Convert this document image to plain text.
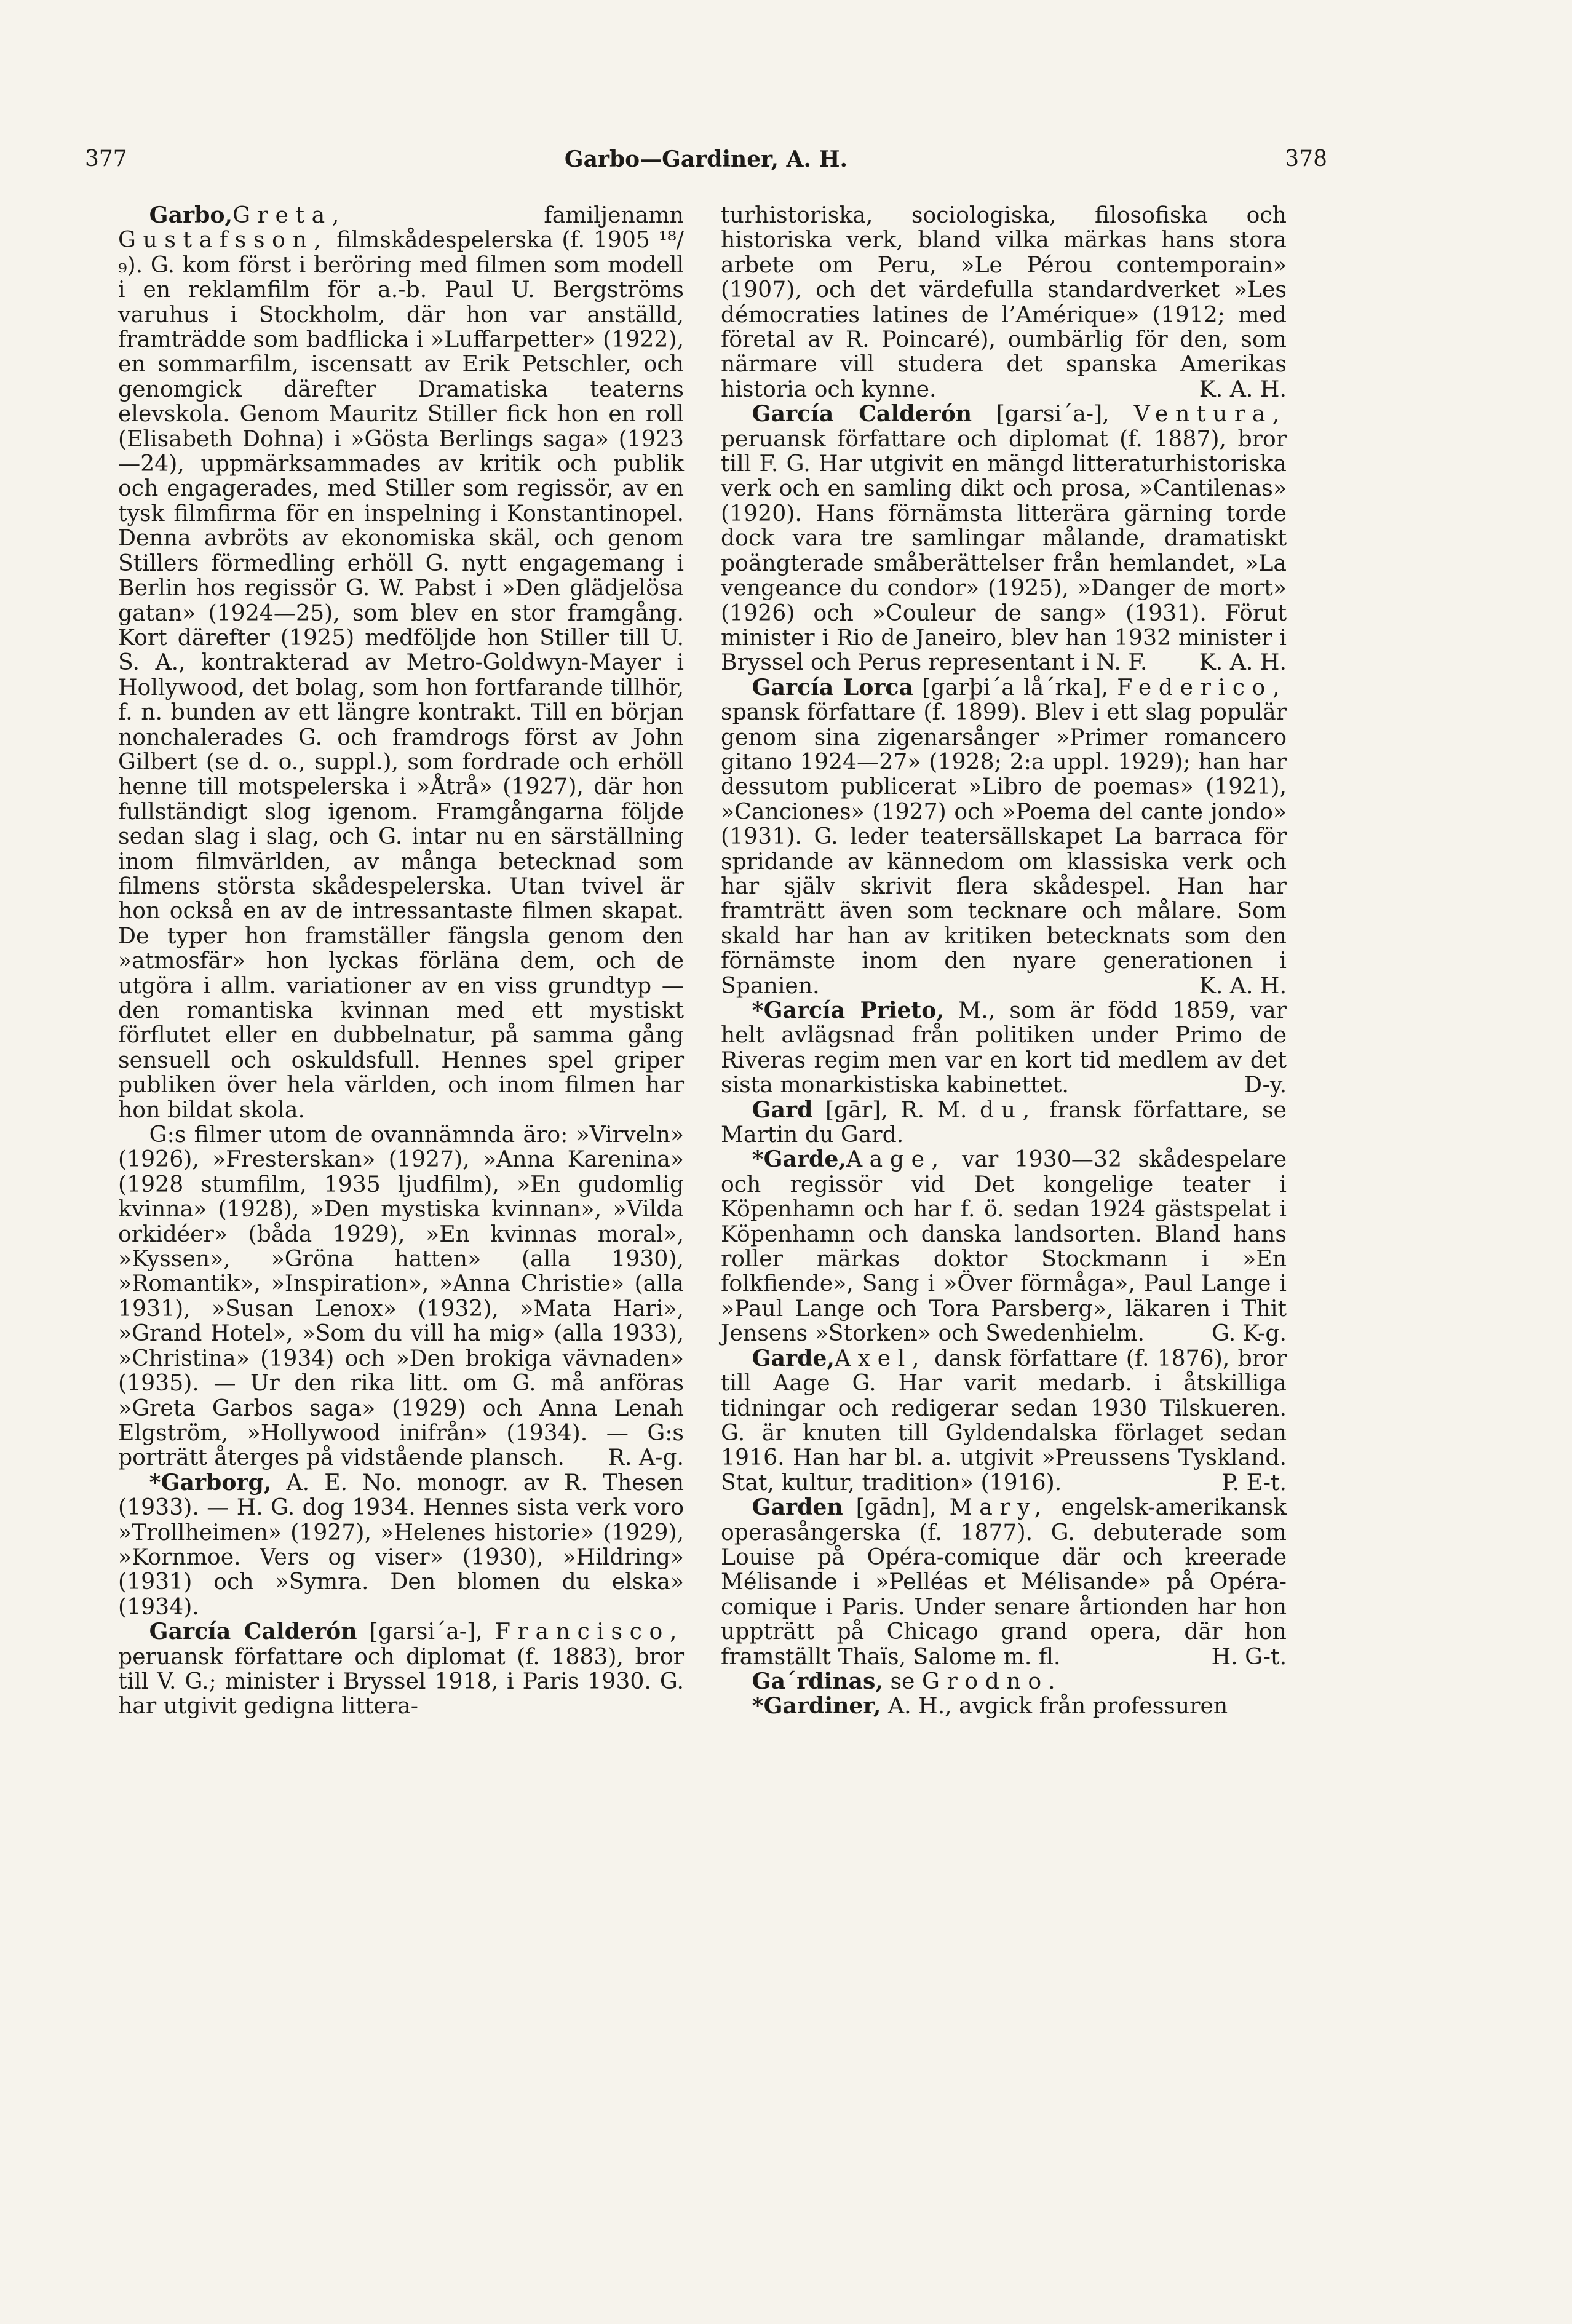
377	Garbo—Gardiner, A. H.	378

Garbo,Greta, familjenamn Gustafsson, filmskådespelerska (f. 1905 ¹⁸/₉). G. kom först i beröring med filmen som modell i en reklamfilm för a.-b. Paul U. Bergströms varuhus i Stockholm, där hon var anställd, framträdde som badflicka i »Luffarpetter» (1922), en sommarfilm, iscensatt av Erik Petschler, och genomgick därefter Dramatiska teaterns elevskola. Genom Mauritz Stiller fick hon en roll (Elisabeth Dohna) i »Gösta Berlings saga» (1923—24), uppmärksammades av kritik och publik och engagerades, med Stiller som regissör, av en tysk filmfirma för en inspelning i Konstantinopel. Denna avbröts av ekonomiska skäl, och genom Stillers förmedling erhöll G. nytt engagemang i Berlin hos regissör G. W. Pabst i »Den glädjelösa gatan» (1924—25), som blev en stor framgång. Kort därefter (1925) medföljde hon Stiller till U. S. A., kontrakterad av Metro-Goldwyn-Mayer i Hollywood, det bolag, som hon fortfarande tillhör, f. n. bunden av ett längre kontrakt. Till en början nonchalerades G. och framdrogs först av John Gilbert (se d. o., suppl.), som fordrade och erhöll henne till motspelerska i »Åtrå» (1927), där hon fullständigt slog igenom. Framgångarna följde sedan slag i slag, och G. intar nu en särställning inom filmvärlden, av många betecknad som filmens största skådespelerska. Utan tvivel är hon också en av de intressantaste filmen skapat. De typer hon framställer fängsla genom den »atmosfär» hon lyckas förläna dem, och de utgöra i allm. variationer av en viss grundtyp — den romantiska kvinnan med ett mystiskt förflutet eller en dubbelnatur, på samma gång sensuell och oskuldsfull. Hennes spel griper publiken över hela världen, och inom filmen har hon bildat skola.

G:s filmer utom de ovannämnda äro: »Virveln» (1926), »Fresterskan» (1927), »Anna Karenina» (1928 stumfilm, 1935 ljudfilm), »En gudomlig kvinna» (1928), »Den mystiska kvinnan», »Vilda orkidéer» (båda 1929), »En kvinnas moral», »Kyssen», »Gröna hatten» (alla 1930), »Romantik», »Inspiration», »Anna Christie» (alla 1931), »Susan Lenox» (1932), »Mata Hari», »Grand Hotel», »Som du vill ha mig» (alla 1933), »Christina» (1934) och »Den brokiga vävnaden» (1935). — Ur den rika litt. om G. må anföras »Greta Garbos saga» (1929) och Anna Lenah Elgström, »Hollywood inifrån» (1934). — G:s porträtt återges på vidstående plansch.	R. A-g.

*Garborg, A. E. No. monogr. av R. Thesen (1933). — H. G. dog 1934. Hennes sista verk voro »Trollheimen» (1927), »Helenes historie» (1929), »Kornmoe. Vers og viser» (1930), »Hildring» (1931) och »Symra. Den blomen du elska» (1934).

García Calderón [garsi´a-], Francisco, peruansk författare och diplomat (f. 1883), bror till V. G.; minister i Bryssel 1918, i Paris 1930. G. har utgivit gedigna littera-

turhistoriska, sociologiska, filosofiska och historiska verk, bland vilka märkas hans stora arbete om Peru, »Le Pérou contemporain» (1907), och det värdefulla standardverket »Les démocraties latines de l’Amérique» (1912; med företal av R. Poincaré), oumbärlig för den, som närmare vill studera det spanska Amerikas historia och kynne.	K. A. H.

García Calderón [garsi´a-], Ventura, peruansk författare och diplomat (f. 1887), bror till F. G. Har utgivit en mängd litteraturhistoriska verk och en samling dikt och prosa, »Cantilenas» (1920). Hans förnämsta litterära gärning torde dock vara tre samlingar målande, dramatiskt poängterade småberättelser från hemlandet, »La vengeance du condor» (1925), »Danger de mort» (1926) och »Couleur de sang» (1931). Förut minister i Rio de Janeiro, blev han 1932 minister i Bryssel och Perus representant i N. F.	K. A. H.

García Lorca [garþi´a lå´rka], Federico, spansk författare (f. 1899). Blev i ett slag populär genom sina zigenarsånger »Primer romancero gitano 1924—27» (1928; 2:a uppl. 1929); han har dessutom publicerat »Libro de poemas» (1921), »Canciones» (1927) och »Poema del cante jondo» (1931). G. leder teatersällskapet La barraca för spridande av kännedom om klassiska verk och har själv skrivit flera skådespel. Han har framträtt även som tecknare och målare. Som skald har han av kritiken betecknats som den förnämste inom den nyare generationen i Spanien.	K. A. H.

*García Prieto, M., som är född 1859, var helt avlägsnad från politiken under Primo de Riveras regim men var en kort tid medlem av det sista monarkistiska kabinettet.	D-y.

Gard [gār], R. M. du, fransk författare, se Martin du Gard.

*Garde,Aage, var 1930—32 skådespelare och regissör vid Det kongelige teater i Köpenhamn och har f. ö. sedan 1924 gästspelat i Köpenhamn och danska landsorten. Bland hans roller märkas doktor Stockmann i »En folkfiende», Sang i »Över förmåga», Paul Lange i »Paul Lange och Tora Parsberg», läkaren i Thit Jensens »Storken» och Swedenhielm.	G. K-g.

Garde,Axel, dansk författare (f. 1876), bror till Aage G. Har varit medarb. i åtskilliga tidningar och redigerar sedan 1930 Tilskueren. G. är knuten till Gyldendalska förlaget sedan 1916. Han har bl. a. utgivit »Preussens Tyskland. Stat, kultur, tradition» (1916).	P. E-t.

Garden [gādn], Mary, engelsk-amerikansk operasångerska (f. 1877). G. debuterade som Louise på Opéra-comique där och kreerade Mélisande i »Pelléas et Mélisande» på Opéra-comique i Paris. Under senare årtionden har hon uppträtt på Chicago grand opera, där hon framställt Thaïs, Salome m. fl.	H. G-t.

Ga´rdinas, se Grodno.

*Gardiner, A. H., avgick från professuren
